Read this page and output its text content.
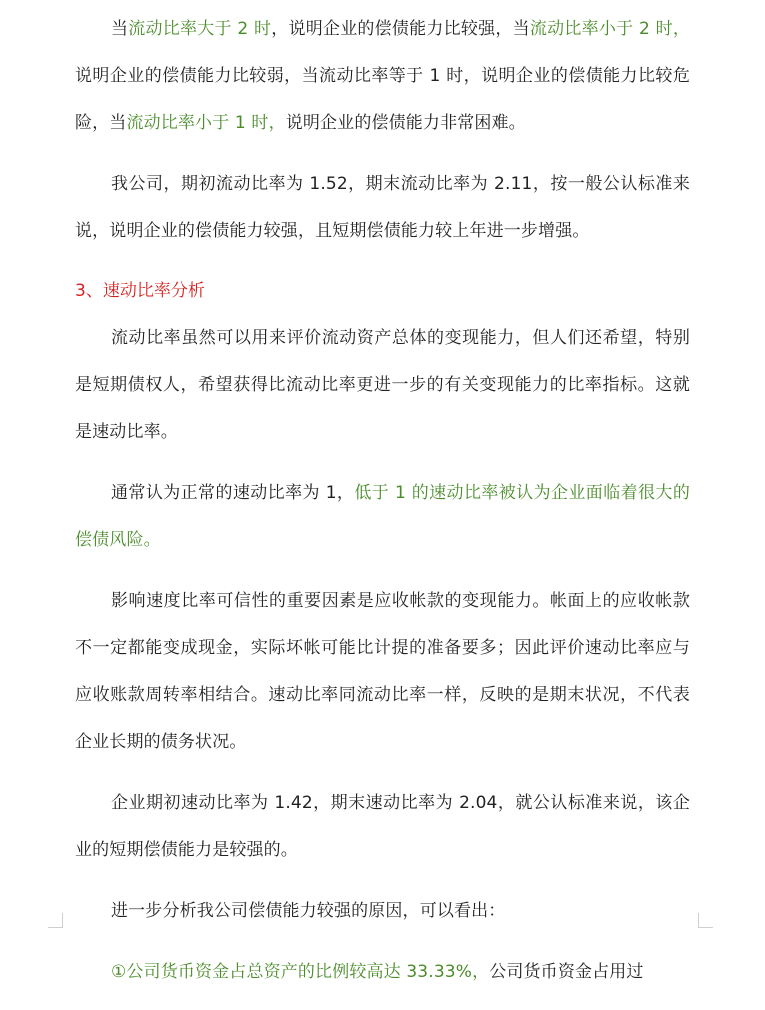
当流动比率大于 2 时，说明企业的偿债能力比较强，当流动比率小于 2 时，说明企业的偿债能力比较弱，当流动比率等于 1 时，说明企业的偿债能力比较危险，当流动比率小于 1 时，说明企业的偿债能力非常困难。

我公司，期初流动比率为 1.52，期末流动比率为 2.11，按一般公认标准来说，说明企业的偿债能力较强，且短期偿债能力较上年进一步增强。

3、速动比率分析

流动比率虽然可以用来评价流动资产总体的变现能力，但人们还希望，特别是短期债权人，希望获得比流动比率更进一步的有关变现能力的比率指标。这就是速动比率。

通常认为正常的速动比率为 1，低于 1 的速动比率被认为企业面临着很大的偿债风险。

影响速度比率可信性的重要因素是应收帐款的变现能力。帐面上的应收帐款不一定都能变成现金，实际坏帐可能比计提的准备要多；因此评价速动比率应与应收账款周转率相结合。速动比率同流动比率一样，反映的是期末状况，不代表企业长期的债务状况。

企业期初速动比率为 1.42，期末速动比率为 2.04，就公认标准来说，该企业的短期偿债能力是较强的。

进一步分析我公司偿债能力较强的原因，可以看出：

①公司货币资金占总资产的比例较高达 33.33%，公司货币资金占用过
